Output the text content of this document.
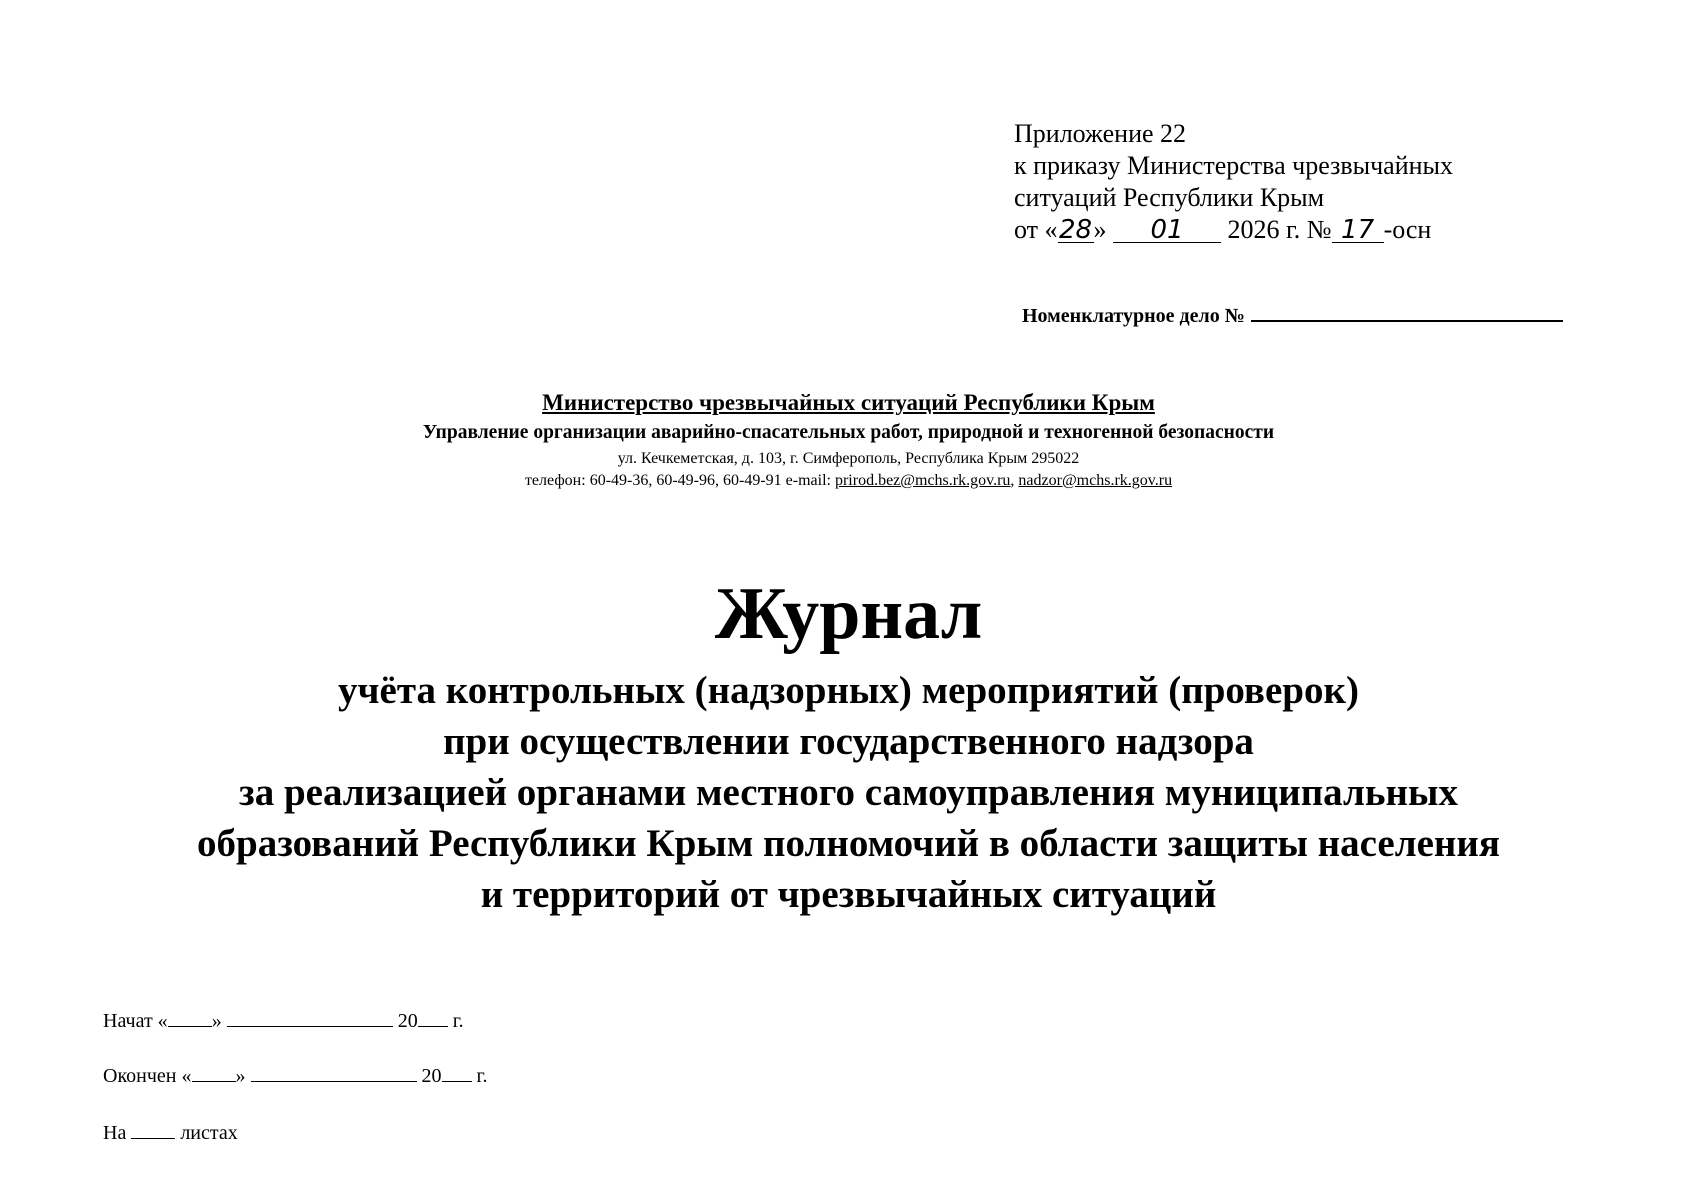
Приложение 22
к приказу Министерства чрезвычайных
ситуаций Республики Крым
от «28» 01 2026 г. № 17 -осн
Номенклатурное дело №
Министерство чрезвычайных ситуаций Республики Крым
Управление организации аварийно-спасательных работ, природной и техногенной безопасности
ул. Кечкеметская, д. 103, г. Симферополь, Республика Крым 295022
телефон: 60-49-36, 60-49-96, 60-49-91 e-mail: prirod.bez@mchs.rk.gov.ru, nadzor@mchs.rk.gov.ru
Журнал
учёта контрольных (надзорных) мероприятий (проверок)
при осуществлении государственного надзора
за реализацией органами местного самоуправления муниципальных
образований Республики Крым полномочий в области защиты населения
и территорий от чрезвычайных ситуаций
Начат « »	20 г.
Окончен « »	20 г.
На	листах
